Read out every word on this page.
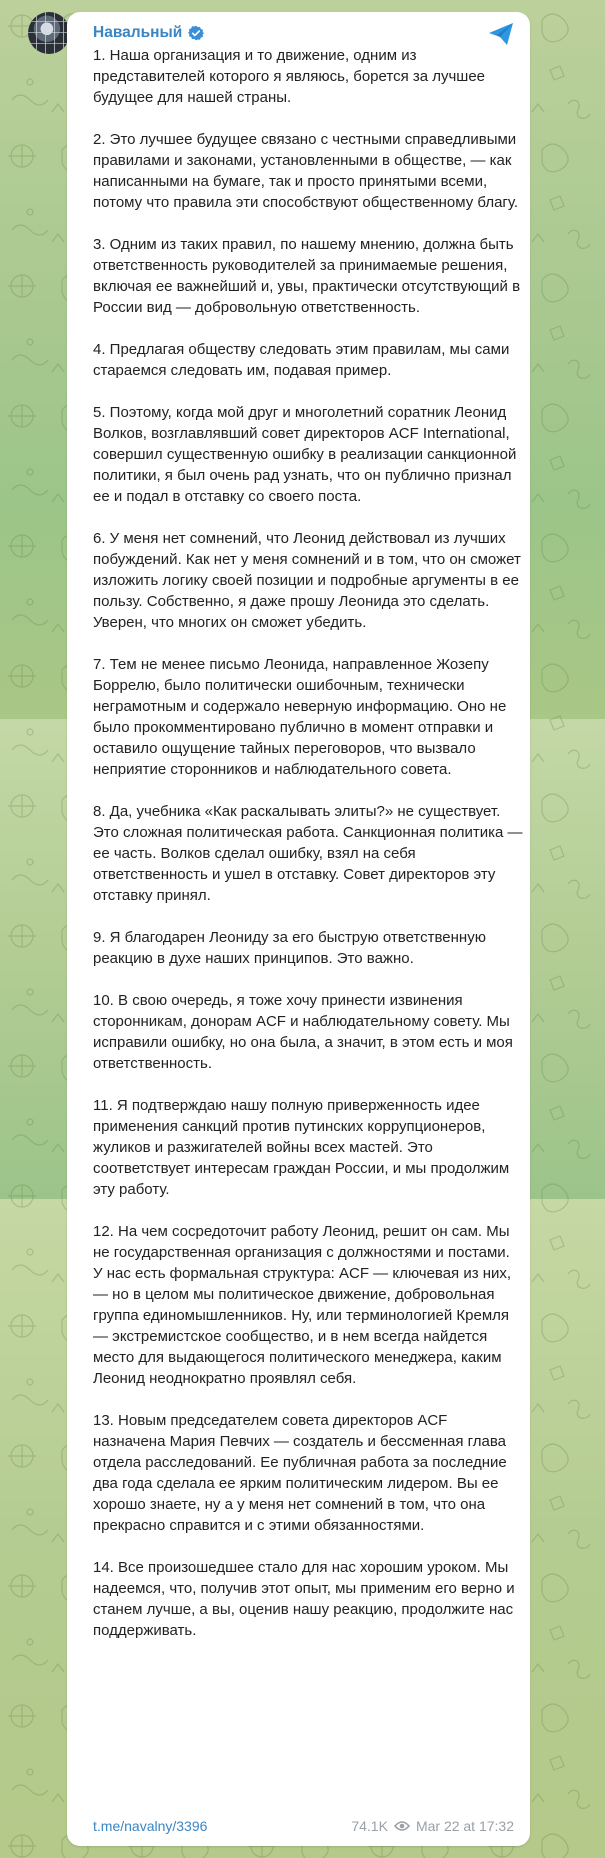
Навальный

1. Наша организация и то движение, одним из представителей которого я являюсь, борется за лучшее будущее для нашей страны.

2. Это лучшее будущее связано с честными справедливыми правилами и законами, установленными в обществе, — как написанными на бумаге, так и просто принятыми всеми, потому что правила эти способствуют общественному благу.

3. Одним из таких правил, по нашему мнению, должна быть ответственность руководителей за принимаемые решения, включая ее важнейший и, увы, практически отсутствующий в России вид — добровольную ответственность.

4. Предлагая обществу следовать этим правилам, мы сами стараемся следовать им, подавая пример.

5. Поэтому, когда мой друг и многолетний соратник Леонид Волков, возглавлявший совет директоров ACF International, совершил существенную ошибку в реализации санкционной политики, я был очень рад узнать, что он публично признал ее и подал в отставку со своего поста.

6. У меня нет сомнений, что Леонид действовал из лучших побуждений. Как нет у меня сомнений и в том, что он сможет изложить логику своей позиции и подробные аргументы в ее пользу. Собственно, я даже прошу Леонида это сделать. Уверен, что многих он сможет убедить.

7. Тем не менее письмо Леонида, направленное Жозепу Боррелю, было политически ошибочным, технически неграмотным и содержало неверную информацию. Оно не было прокомментировано публично в момент отправки и оставило ощущение тайных переговоров, что вызвало неприятие сторонников и наблюдательного совета.

8. Да, учебника «Как раскалывать элиты?» не существует. Это сложная политическая работа. Санкционная политика — ее часть. Волков сделал ошибку, взял на себя ответственность и ушел в отставку. Совет директоров эту отставку принял.

9. Я благодарен Леониду за его быструю ответственную реакцию в духе наших принципов. Это важно.

10. В свою очередь, я тоже хочу принести извинения сторонникам, донорам ACF и наблюдательному совету. Мы исправили ошибку, но она была, а значит, в этом есть и моя ответственность.

11. Я подтверждаю нашу полную приверженность идее применения санкций против путинских коррупционеров, жуликов и разжигателей войны всех мастей. Это соответствует интересам граждан России, и мы продолжим эту работу.

12. На чем сосредоточит работу Леонид, решит он сам. Мы не государственная организация с должностями и постами. У нас есть формальная структура: ACF — ключевая из них, — но в целом мы политическое движение, добровольная группа единомышленников. Ну, или терминологией Кремля — экстремистское сообщество, и в нем всегда найдется место для выдающегося политического менеджера, каким Леонид неоднократно проявлял себя.

13. Новым председателем совета директоров ACF назначена Мария Певчих — создатель и бессменная глава отдела расследований. Ее публичная работа за последние два года сделала ее ярким политическим лидером. Вы ее хорошо знаете, ну а у меня нет сомнений в том, что она прекрасно справится и с этими обязанностями.

14. Все произошедшее стало для нас хорошим уроком. Мы надеемся, что, получив этот опыт, мы применим его верно и станем лучше, а вы, оценив нашу реакцию, продолжите нас поддерживать.

t.me/navalny/3396	74.1K Mar 22 at 17:32
